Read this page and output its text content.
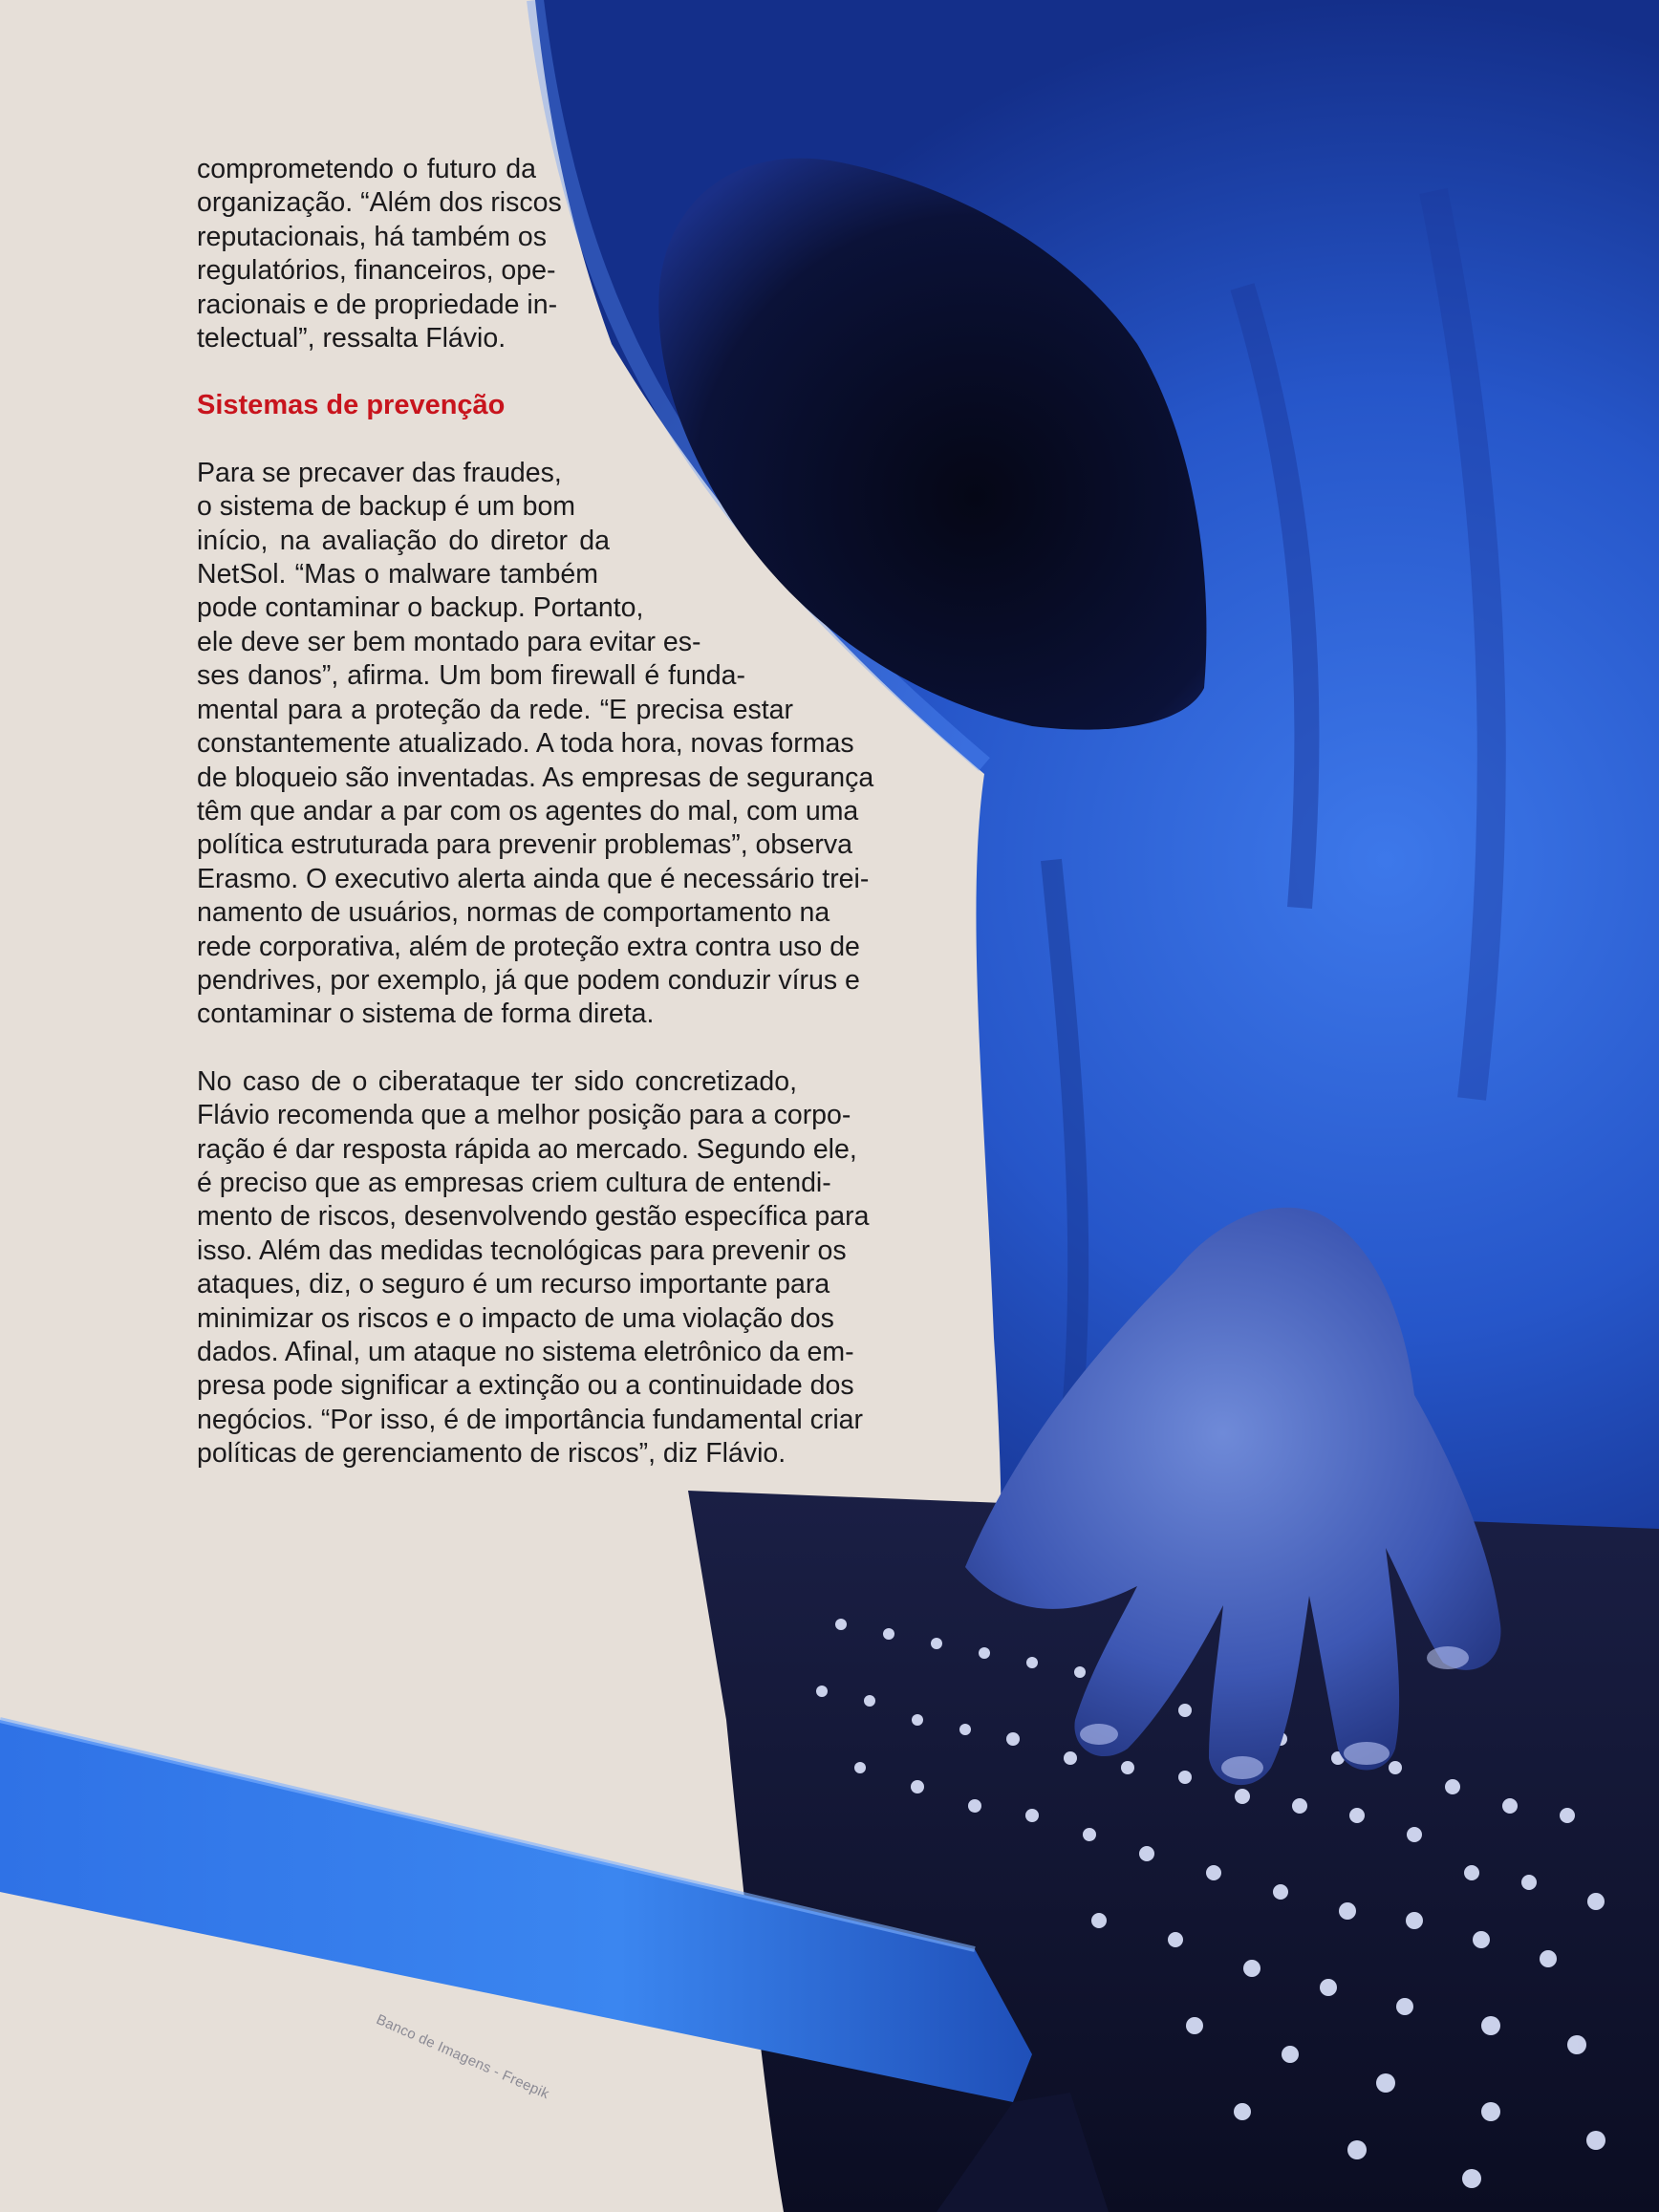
comprometendo o futuro da
organização. “Além dos riscos
reputacionais, há também os
regulatórios, financeiros, ope-
racionais e de propriedade in-
telectual”, ressalta Flávio.
Sistemas de prevenção
Para se precaver das fraudes,
o sistema de backup é um bom
início, na avaliação do diretor da
NetSol. “Mas o malware também
pode contaminar o backup. Portanto,
ele deve ser bem montado para evitar es-
ses danos”, afirma. Um bom firewall é funda-
mental para a proteção da rede. “E precisa estar
constantemente atualizado. A toda hora, novas formas
de bloqueio são inventadas. As empresas de segurança
têm que andar a par com os agentes do mal, com uma
política estruturada para prevenir problemas”, observa
Erasmo. O executivo alerta ainda que é necessário trei-
namento de usuários, normas de comportamento na
rede corporativa, além de proteção extra contra uso de
pendrives, por exemplo, já que podem conduzir vírus e
contaminar o sistema de forma direta.
No caso de o ciberataque ter sido concretizado,
Flávio recomenda que a melhor posição para a corpo-
ração é dar resposta rápida ao mercado. Segundo ele,
é preciso que as empresas criem cultura de entendi-
mento de riscos, desenvolvendo gestão específica para
isso. Além das medidas tecnológicas para prevenir os
ataques, diz, o seguro é um recurso importante para
minimizar os riscos e o impacto de uma violação dos
dados. Afinal, um ataque no sistema eletrônico da em-
presa pode significar a extinção ou a continuidade dos
negócios. “Por isso, é de importância fundamental criar
políticas de gerenciamento de riscos”, diz Flávio.
Banco de Imagens - Freepik
